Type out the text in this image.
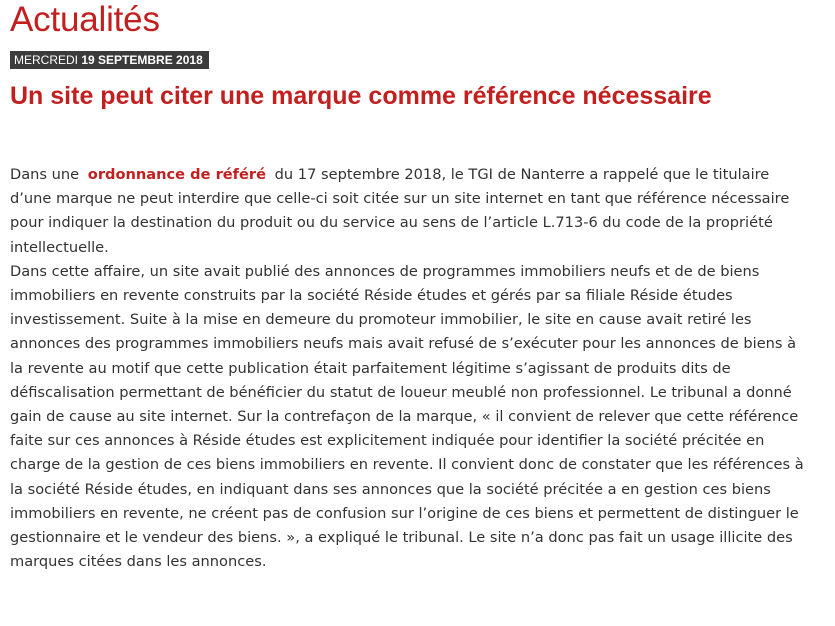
Actualités
MERCREDI 19 SEPTEMBRE 2018
Un site peut citer une marque comme référence nécessaire

Dans une ordonnance de référé du 17 septembre 2018, le TGI de Nanterre a rappelé que le titulaire d’une marque ne peut interdire que celle-ci soit citée sur un site internet en tant que référence nécessaire pour indiquer la destination du produit ou du service au sens de l’article L.713-6 du code de la propriété intellectuelle.

Dans cette affaire, un site avait publié des annonces de programmes immobiliers neufs et de de biens immobiliers en revente construits par la société Réside études et gérés par sa filiale Réside études investissement. Suite à la mise en demeure du promoteur immobilier, le site en cause avait retiré les annonces des programmes immobiliers neufs mais avait refusé de s’exécuter pour les annonces de biens à la revente au motif que cette publication était parfaitement légitime s’agissant de produits dits de défiscalisation permettant de bénéficier du statut de loueur meublé non professionnel. Le tribunal a donné gain de cause au site internet. Sur la contrefaçon de la marque, « il convient de relever que cette référence faite sur ces annonces à Réside études est explicitement indiquée pour identifier la société précitée en charge de la gestion de ces biens immobiliers en revente. Il convient donc de constater que les références à la société Réside études, en indiquant dans ses annonces que la société précitée a en gestion ces biens immobiliers en revente, ne créent pas de confusion sur l’origine de ces biens et permettent de distinguer le gestionnaire et le vendeur des biens. », a expliqué le tribunal. Le site n’a donc pas fait un usage illicite des marques citées dans les annonces.
